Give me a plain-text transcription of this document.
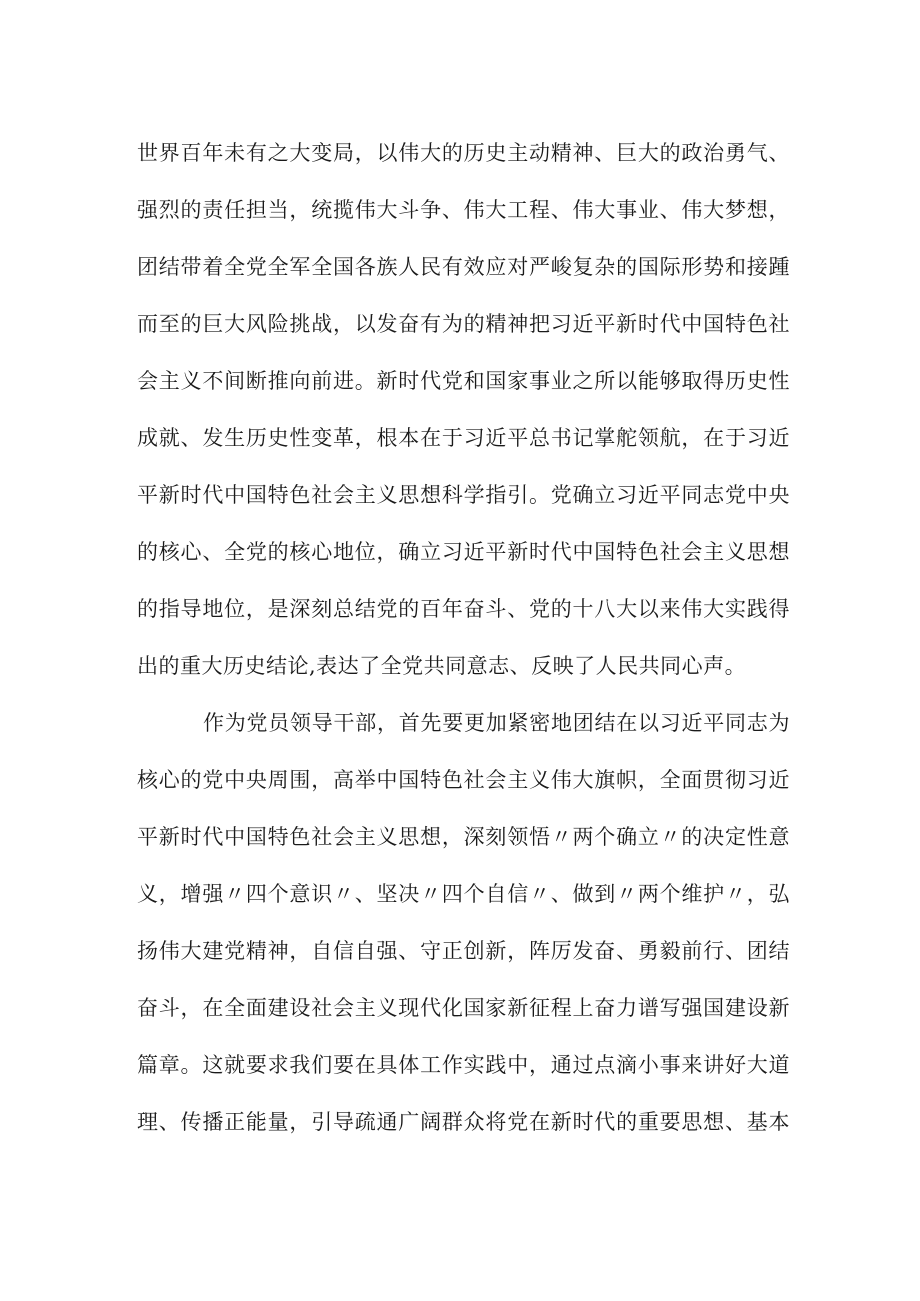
世界百年未有之大变局，以伟大的历史主动精神、巨大的政治勇气、
强烈的责任担当，统揽伟大斗争、伟大工程、伟大事业、伟大梦想，
团结带着全党全军全国各族人民有效应对严峻复杂的国际形势和接踵
而至的巨大风险挑战，以发奋有为的精神把习近平新时代中国特色社
会主义不间断推向前进。新时代党和国家事业之所以能够取得历史性
成就、发生历史性变革，根本在于习近平总书记掌舵领航，在于习近
平新时代中国特色社会主义思想科学指引。党确立习近平同志党中央
的核心、全党的核心地位，确立习近平新时代中国特色社会主义思想
的指导地位，是深刻总结党的百年奋斗、党的十八大以来伟大实践得
出的重大历史结论,表达了全党共同意志、反映了人民共同心声。
作为党员领导干部，首先要更加紧密地团结在以习近平同志为
核心的党中央周围，高举中国特色社会主义伟大旗帜，全面贯彻习近
平新时代中国特色社会主义思想，深刻领悟〃两个确立〃的决定性意
义，增强〃四个意识〃、坚决〃四个自信〃、做到〃两个维护〃，弘
扬伟大建党精神，自信自强、守正创新，阵厉发奋、勇毅前行、团结
奋斗，在全面建设社会主义现代化国家新征程上奋力谱写强国建设新
篇章。这就要求我们要在具体工作实践中，通过点滴小事来讲好大道
理、传播正能量，引导疏通广阔群众将党在新时代的重要思想、基本
